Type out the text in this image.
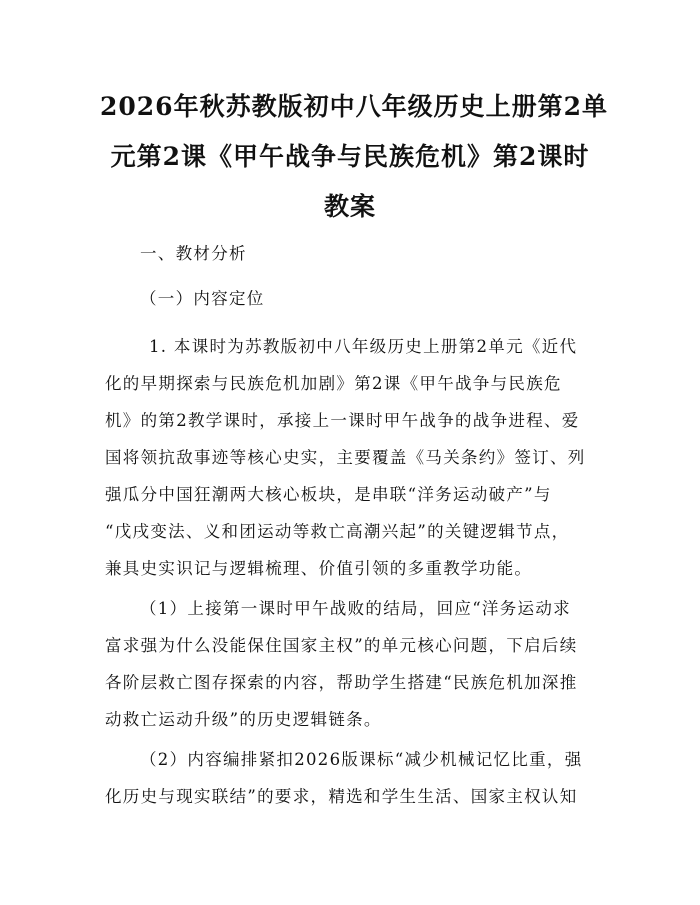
2026年秋苏教版初中八年级历史上册第2单
元第2课《甲午战争与民族危机》第2课时
教案
一、教材分析
（一）内容定位
1. 本课时为苏教版初中八年级历史上册第2单元《近代
化的早期探索与民族危机加剧》第2课《甲午战争与民族危
机》的第2教学课时，承接上一课时甲午战争的战争进程、爱
国将领抗敌事迹等核心史实，主要覆盖《马关条约》签订、列
强瓜分中国狂潮两大核心板块，是串联“洋务运动破产”与
“戊戌变法、义和团运动等救亡高潮兴起”的关键逻辑节点，
兼具史实识记与逻辑梳理、价值引领的多重教学功能。
（1）上接第一课时甲午战败的结局，回应“洋务运动求
富求强为什么没能保住国家主权”的单元核心问题，下启后续
各阶层救亡图存探索的内容，帮助学生搭建“民族危机加深推
动救亡运动升级”的历史逻辑链条。
（2）内容编排紧扣2026版课标“减少机械记忆比重，强
化历史与现实联结”的要求，精选和学生生活、国家主权认知
